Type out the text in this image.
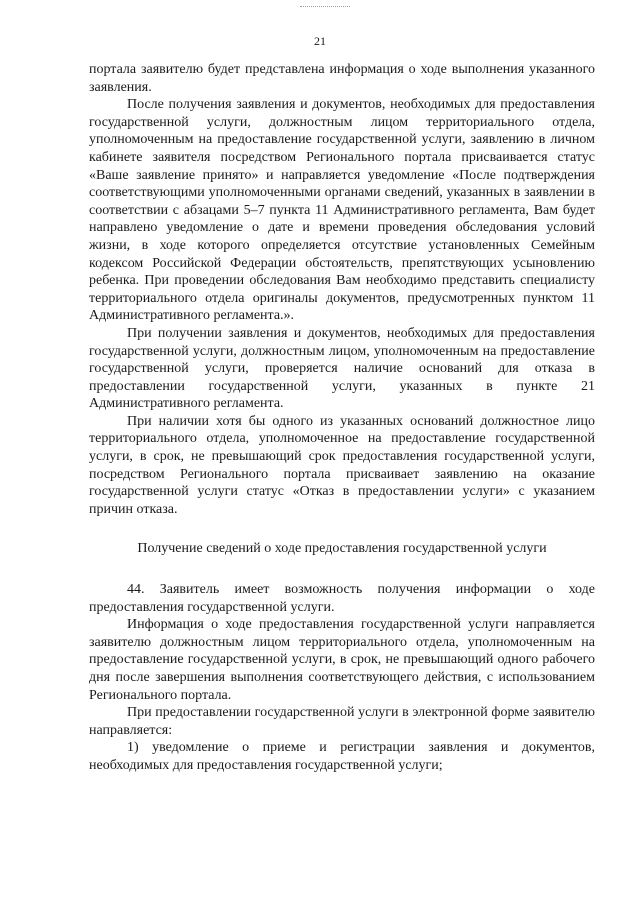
21

портала заявителю будет представлена информация о ходе выполнения указанного заявления.

После получения заявления и документов, необходимых для предоставления государственной услуги, должностным лицом территориального отдела, уполномоченным на предоставление государственной услуги, заявлению в личном кабинете заявителя посредством Регионального портала присваивается статус «Ваше заявление принято» и направляется уведомление «После подтверждения соответствующими уполномоченными органами сведений, указанных в заявлении в соответствии с абзацами 5–7 пункта 11 Административного регламента, Вам будет направлено уведомление о дате и времени проведения обследования условий жизни, в ходе которого определяется отсутствие установленных Семейным кодексом Российской Федерации обстоятельств, препятствующих усыновлению ребенка. При проведении обследования Вам необходимо представить специалисту территориального отдела оригиналы документов, предусмотренных пунктом 11 Административного регламента.».

При получении заявления и документов, необходимых для предоставления государственной услуги, должностным лицом, уполномоченным на предоставление государственной услуги, проверяется наличие оснований для отказа в предоставлении государственной услуги, указанных в пункте 21 Административного регламента.

При наличии хотя бы одного из указанных оснований должностное лицо территориального отдела, уполномоченное на предоставление государственной услуги, в срок, не превышающий срок предоставления государственной услуги, посредством Регионального портала присваивает заявлению на оказание государственной услуги статус «Отказ в предоставлении услуги» с указанием причин отказа.

Получение сведений о ходе предоставления государственной услуги

44. Заявитель имеет возможность получения информации о ходе предоставления государственной услуги.

Информация о ходе предоставления государственной услуги направляется заявителю должностным лицом территориального отдела, уполномоченным на предоставление государственной услуги, в срок, не превышающий одного рабочего дня после завершения выполнения соответствующего действия, с использованием Регионального портала.

При предоставлении государственной услуги в электронной форме заявителю направляется:

1) уведомление о приеме и регистрации заявления и документов, необходимых для предоставления государственной услуги;
